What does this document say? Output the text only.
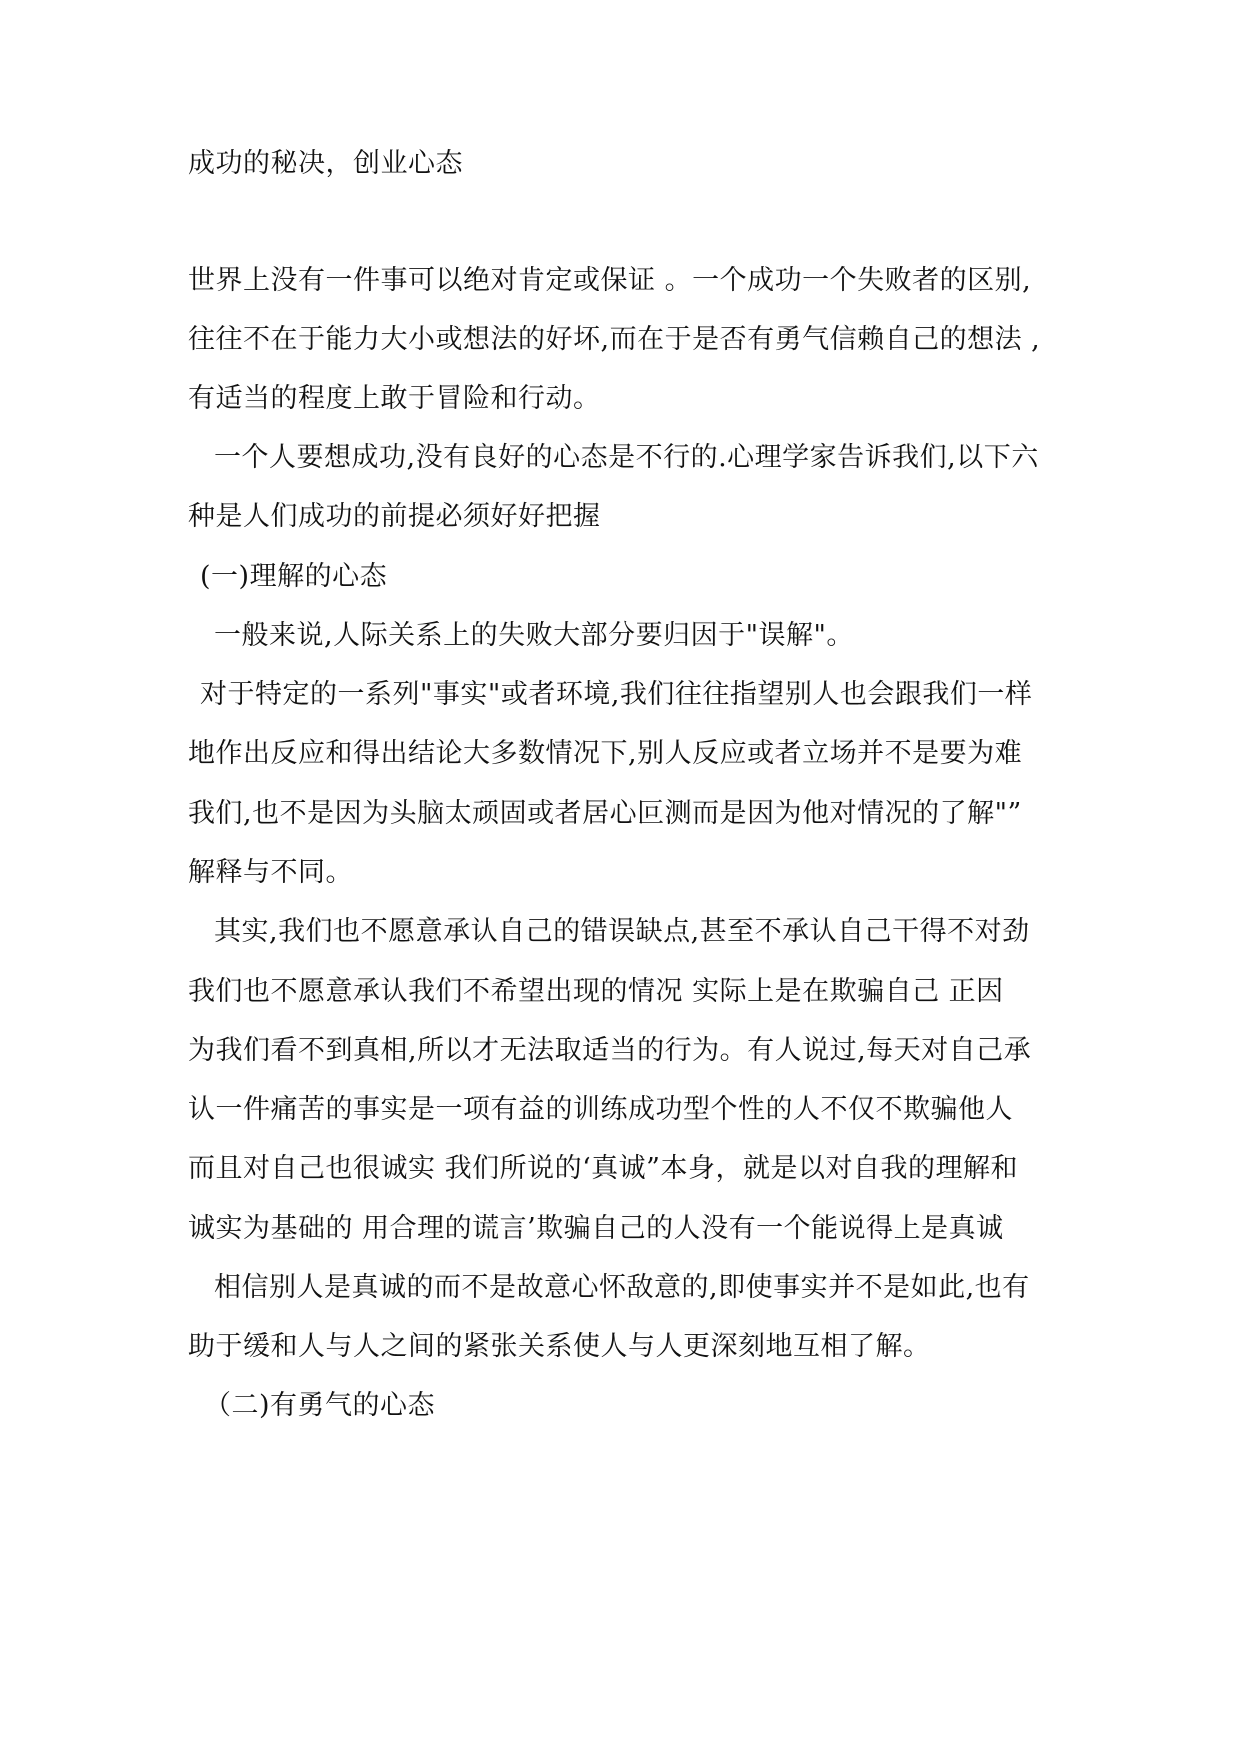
成功的秘决，创业心态
世界上没有一件事可以绝对肯定或保证 。一个成功一个失败者的区别,
往往不在于能力大小或想法的好坏,而在于是否有勇气信赖自己的想法 ,
有适当的程度上敢于冒险和行动。
一个人要想成功,没有良好的心态是不行的.心理学家告诉我们,以下六
种是人们成功的前提必须好好把握
(一)理解的心态
一般来说,人际关系上的失败大部分要归因于"误解"。
对于特定的一系列"事实"或者环境,我们往往指望别人也会跟我们一样
地作出反应和得出结论大多数情况下,别人反应或者立场并不是要为难
我们,也不是因为头脑太顽固或者居心叵测而是因为他对情况的了解"”
解释与不同。
其实,我们也不愿意承认自己的错误缺点,甚至不承认自己干得不对劲
我们也不愿意承认我们不希望出现的情况 实际上是在欺骗自己 正因
为我们看不到真相,所以才无法取适当的行为。有人说过,每天对自己承
认一件痛苦的事实是一项有益的训练成功型个性的人不仅不欺骗他人
而且对自己也很诚实 我们所说的‘真诚”本身，就是以对自我的理解和
诚实为基础的 用合理的谎言’欺骗自己的人没有一个能说得上是真诚
相信别人是真诚的而不是故意心怀敌意的,即使事实并不是如此,也有
助于缓和人与人之间的紧张关系使人与人更深刻地互相了解。
（二)有勇气的心态
